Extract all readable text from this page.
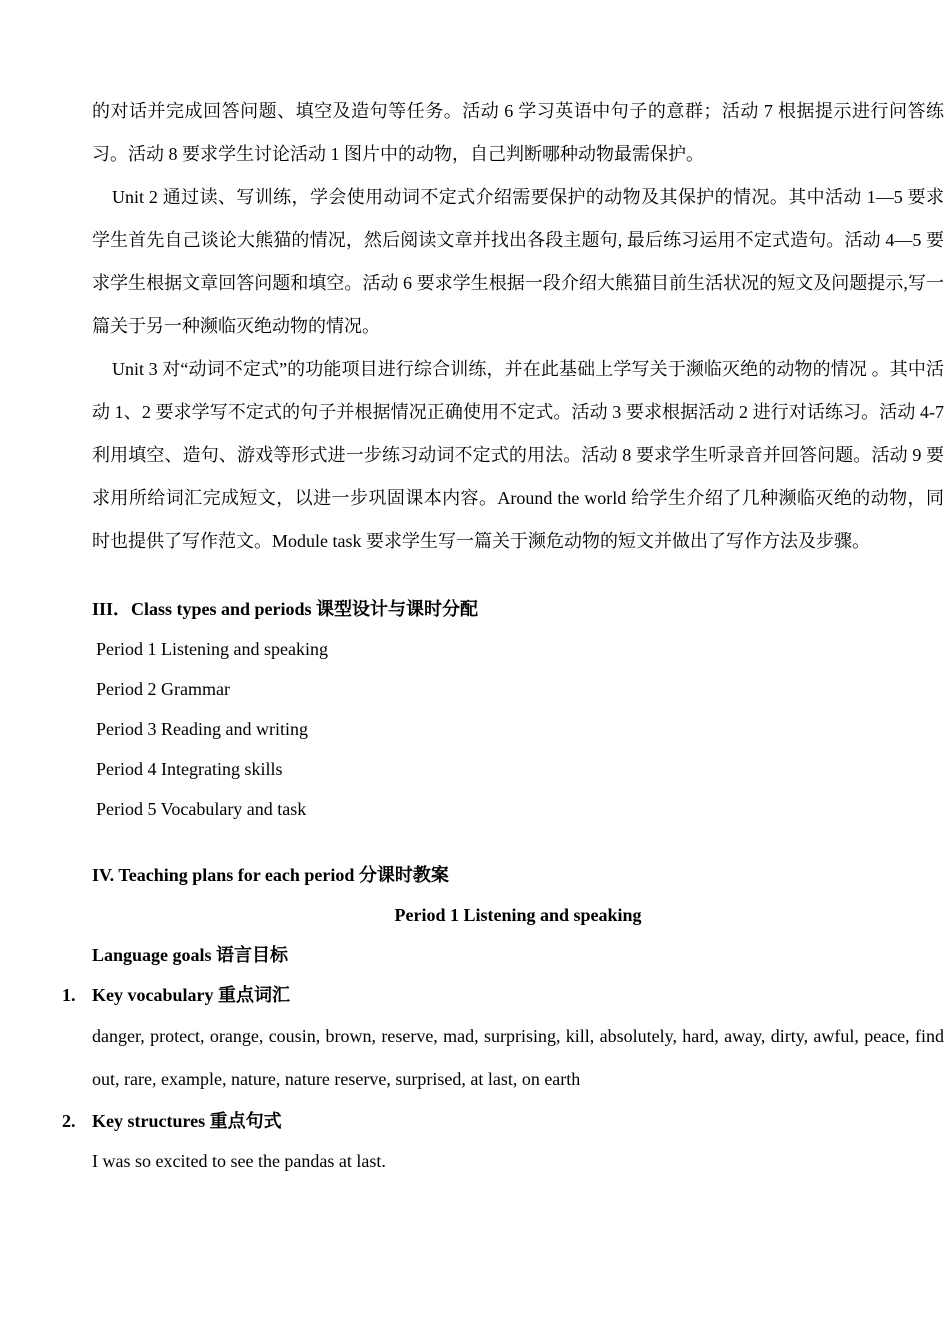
的对话并完成回答问题、填空及造句等任务。活动 6 学习英语中句子的意群；活动 7 根据提示进行问答练习。活动 8 要求学生讨论活动 1 图片中的动物，自己判断哪种动物最需保护。

Unit 2 通过读、写训练，学会使用动词不定式介绍需要保护的动物及其保护的情况。其中活动 1—5 要求学生首先自己谈论大熊猫的情况，然后阅读文章并找出各段主题句, 最后练习运用不定式造句。活动 4—5 要求学生根据文章回答问题和填空。活动 6 要求学生根据一段介绍大熊猫目前生活状况的短文及问题提示,写一篇关于另一种濒临灭绝动物的情况。

Unit 3 对“动词不定式”的功能项目进行综合训练，并在此基础上学写关于濒临灭绝的动物的情况 。其中活动 1、2 要求学写不定式的句子并根据情况正确使用不定式。活动 3 要求根据活动 2 进行对话练习。活动 4-7 利用填空、造句、游戏等形式进一步练习动词不定式的用法。活动 8 要求学生听录音并回答问题。活动 9 要求用所给词汇完成短文，以进一步巩固课本内容。Around the world 给学生介绍了几种濒临灭绝的动物，同时也提供了写作范文。Module task 要求学生写一篇关于濒危动物的短文并做出了写作方法及步骤。

III．Class types and periods 课型设计与课时分配

Period 1 Listening and speaking

Period 2 Grammar

Period 3 Reading and writing

Period 4 Integrating skills

Period 5 Vocabulary and task

IV. Teaching plans for each period 分课时教案

Period 1 Listening and speaking

Language goals 语言目标

1. Key vocabulary 重点词汇

danger, protect, orange, cousin, brown, reserve, mad, surprising, kill, absolutely, hard, away, dirty, awful, peace, find out, rare, example, nature, nature reserve, surprised, at last, on earth

2. Key structures 重点句式

I was so excited to see the pandas at last.
